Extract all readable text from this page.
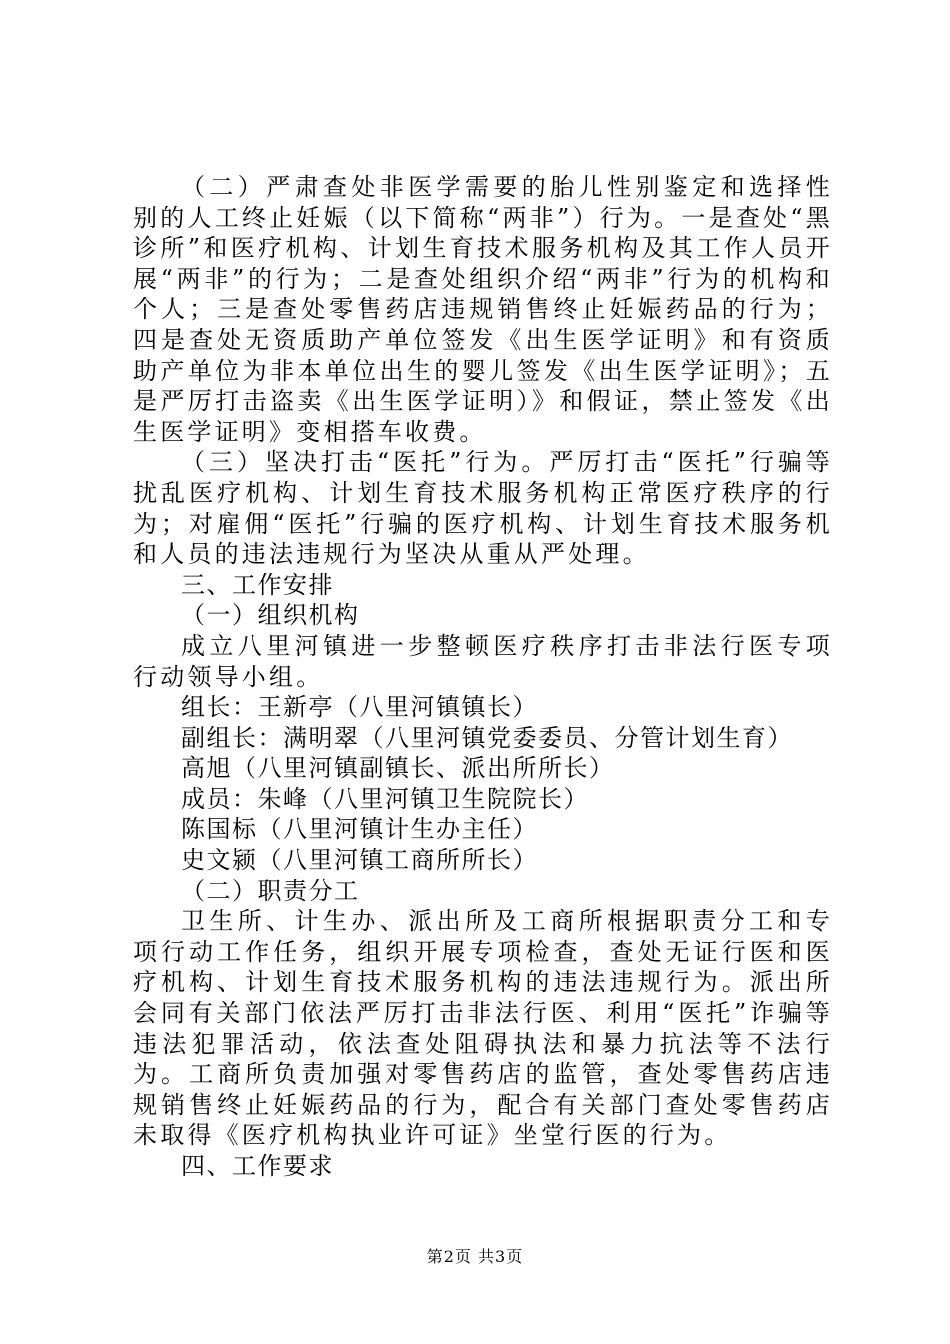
（二）严肃查处非医学需要的胎儿性别鉴定和选择性别的人工终止妊娠（以下简称“两非”）行为。一是查处“黑诊所”和医疗机构、计划生育技术服务机构及其工作人员开展“两非”的行为；二是查处组织介绍“两非”行为的机构和个人；三是查处零售药店违规销售终止妊娠药品的行为；四是查处无资质助产单位签发《出生医学证明》和有资质助产单位为非本单位出生的婴儿签发《出生医学证明》；五是严厉打击盗卖《出生医学证明）》和假证，禁止签发《出生医学证明》变相搭车收费。

（三）坚决打击“医托”行为。严厉打击“医托”行骗等扰乱医疗机构、计划生育技术服务机构正常医疗秩序的行为；对雇佣“医托”行骗的医疗机构、计划生育技术服务机和人员的违法违规行为坚决从重从严处理。

三、工作安排

（一）组织机构

成立八里河镇进一步整顿医疗秩序打击非法行医专项行动领导小组。

组长：王新亭（八里河镇镇长）

副组长：满明翠（八里河镇党委委员、分管计划生育）

高旭（八里河镇副镇长、派出所所长）

成员：朱峰（八里河镇卫生院院长）

陈国标（八里河镇计生办主任）

史文颍（八里河镇工商所所长）

（二）职责分工

卫生所、计生办、派出所及工商所根据职责分工和专项行动工作任务，组织开展专项检查，查处无证行医和医疗机构、计划生育技术服务机构的违法违规行为。派出所会同有关部门依法严厉打击非法行医、利用“医托”诈骗等违法犯罪活动，依法查处阻碍执法和暴力抗法等不法行为。工商所负责加强对零售药店的监管，查处零售药店违规销售终止妊娠药品的行为，配合有关部门查处零售药店未取得《医疗机构执业许可证》坐堂行医的行为。

四、工作要求

第2页 共3页
